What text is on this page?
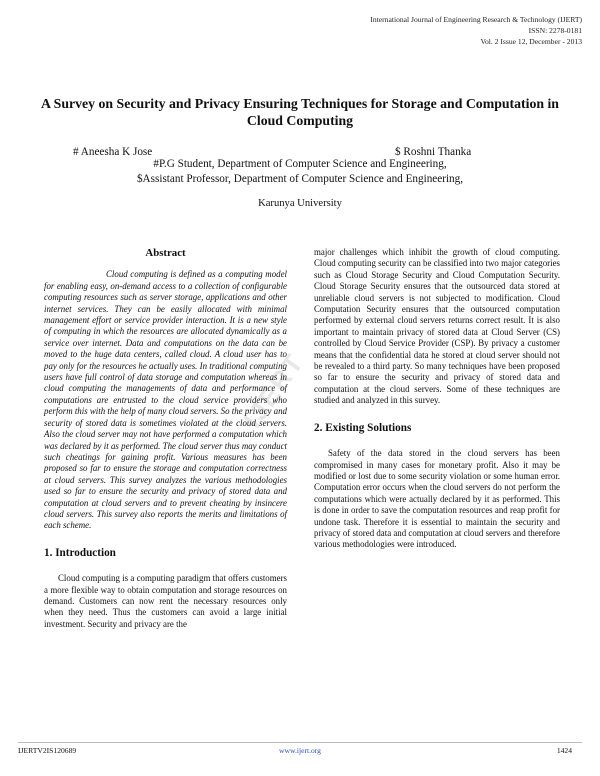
International Journal of Engineering Research & Technology (IJERT)
ISSN: 2278-0181
Vol. 2 Issue 12, December - 2013
A Survey on Security and Privacy Ensuring Techniques for Storage and Computation in Cloud Computing
# Aneesha K Jose	$ Roshni Thanka
#P.G Student, Department of Computer Science and Engineering,
$Assistant Professor, Department of Computer Science and Engineering,
Karunya University
IJERT
Abstract

Cloud computing is defined as a computing model for enabling easy, on-demand access to a collection of configurable computing resources such as server storage, applications and other internet services. They can be easily allocated with minimal management effort or service provider interaction. It is a new style of computing in which the resources are allocated dynamically as a service over internet. Data and computations on the data can be moved to the huge data centers, called cloud. A cloud user has to pay only for the resources he actually uses. In traditional computing users have full control of data storage and computation whereas in cloud computing the managements of data and performance of computations are entrusted to the cloud service providers who perform this with the help of many cloud servers. So the privacy and security of stored data is sometimes violated at the cloud servers. Also the cloud server may not have performed a computation which was declared by it as performed. The cloud server thus may conduct such cheatings for gaining profit. Various measures has been proposed so far to ensure the storage and computation correctness at cloud servers. This survey analyzes the various methodologies used so far to ensure the security and privacy of stored data and computation at cloud servers and to prevent cheating by insincere cloud servers. This survey also reports the merits and limitations of each scheme.

1. Introduction

Cloud computing is a computing paradigm that offers customers a more flexible way to obtain computation and storage resources on demand. Customers can now rent the necessary resources only when they need. Thus the customers can avoid a large initial investment. Security and privacy are the

major challenges which inhibit the growth of cloud computing. Cloud computing security can be classified into two major categories such as Cloud Storage Security and Cloud Computation Security. Cloud Storage Security ensures that the outsourced data stored at unreliable cloud servers is not subjected to modification. Cloud Computation Security ensures that the outsourced computation performed by external cloud servers returns correct result. It is also important to maintain privacy of stored data at Cloud Server (CS) controlled by Cloud Service Provider (CSP). By privacy a customer means that the confidential data he stored at cloud server should not be revealed to a third party. So many techniques have been proposed so far to ensure the security and privacy of stored data and computation at the cloud servers. Some of these techniques are studied and analyzed in this survey.

2. Existing Solutions

Safety of the data stored in the cloud servers has been compromised in many cases for monetary profit. Also it may be modified or lost due to some security violation or some human error. Computation error occurs when the cloud servers do not perform the computations which were actually declared by it as performed. This is done in order to save the computation resources and reap profit for undone task. Therefore it is essential to maintain the security and privacy of stored data and computation at cloud servers and therefore various methodologies were introduced.

IJERTV2IS120689	www.ijert.org	1424
